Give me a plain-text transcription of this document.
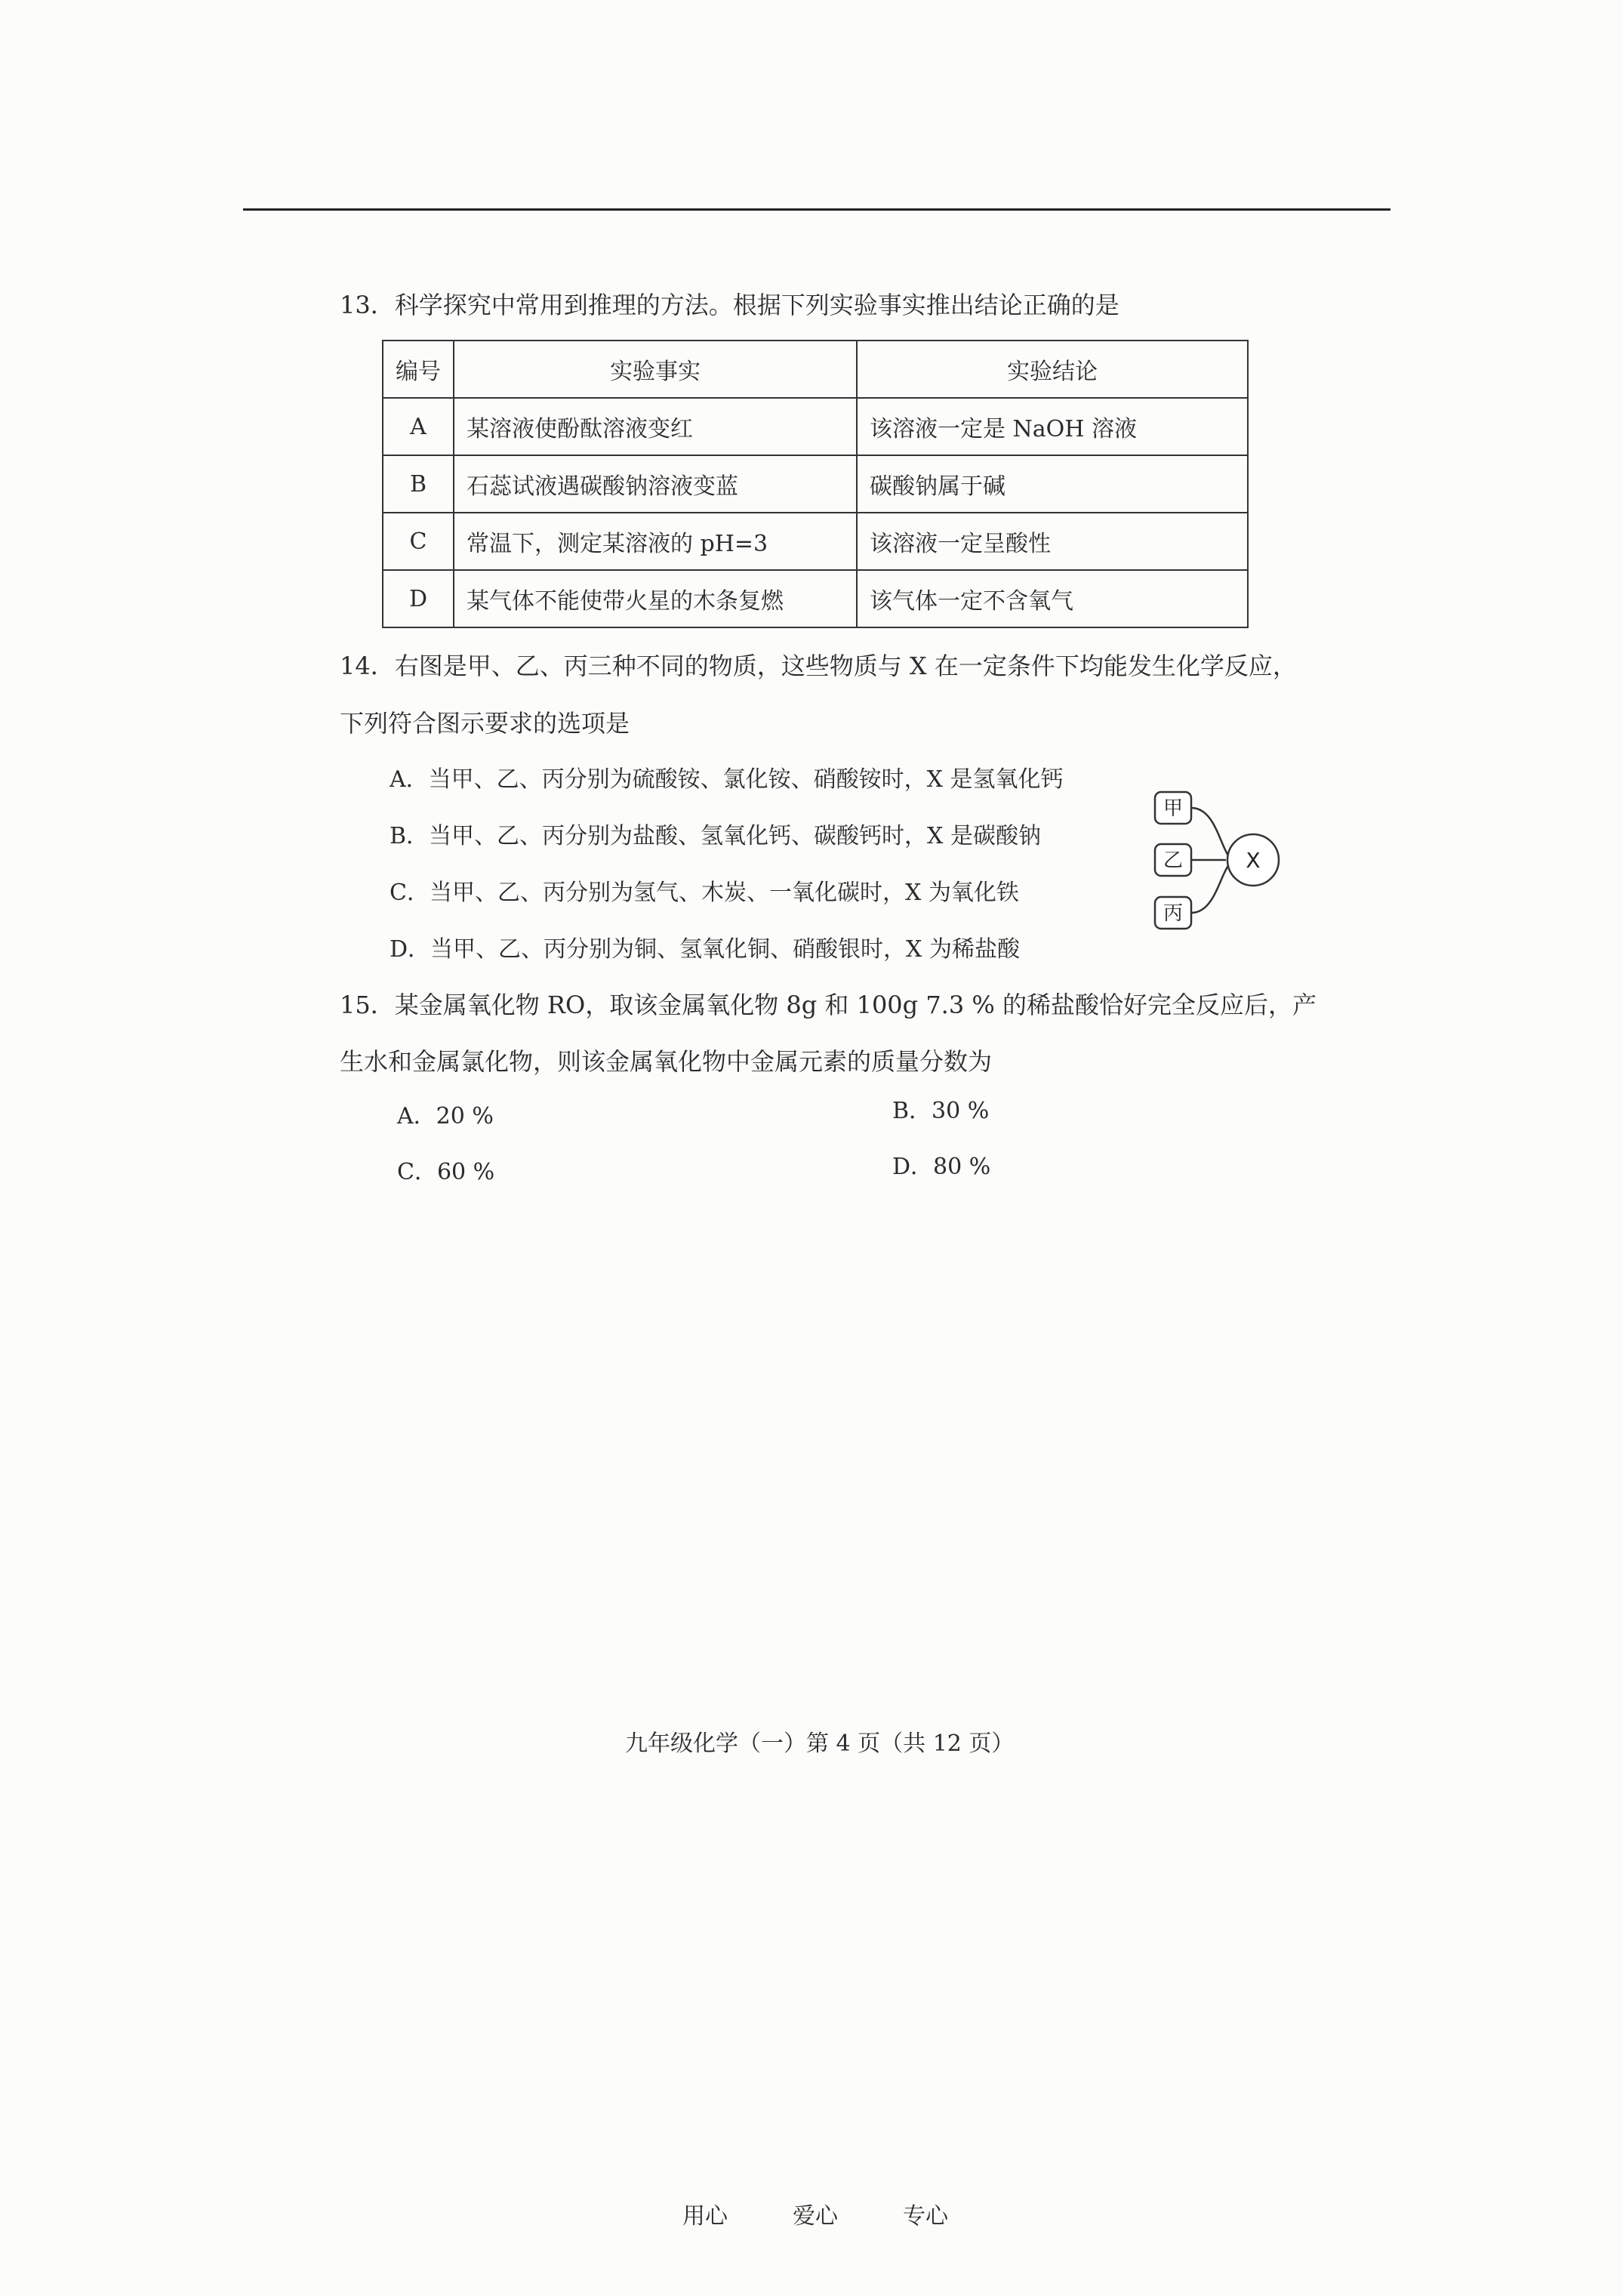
13．科学探究中常用到推理的方法。根据下列实验事实推出结论正确的是
编号	实验事实	实验结论
A	某溶液使酚酞溶液变红	该溶液一定是 NaOH 溶液
B	石蕊试液遇碳酸钠溶液变蓝	碳酸钠属于碱
C	常温下，测定某溶液的 pH=3	该溶液一定呈酸性
D	某气体不能使带火星的木条复燃	该气体一定不含氧气
14．右图是甲、乙、丙三种不同的物质，这些物质与 X 在一定条件下均能发生化学反应，
下列符合图示要求的选项是
A．当甲、乙、丙分别为硫酸铵、氯化铵、硝酸铵时，X 是氢氧化钙
B．当甲、乙、丙分别为盐酸、氢氧化钙、碳酸钙时，X 是碳酸钠
C．当甲、乙、丙分别为氢气、木炭、一氧化碳时，X 为氧化铁
D．当甲、乙、丙分别为铜、氢氧化铜、硝酸银时，X 为稀盐酸
甲
乙
丙
X
15．某金属氧化物 RO，取该金属氧化物 8g 和 100g 7.3 % 的稀盐酸恰好完全反应后，产
生水和金属氯化物，则该金属氧化物中金属元素的质量分数为
A．20 %	B．30 %
C．60 %	D．80 %
九年级化学（一）第 4 页（共 12 页）
用心	爱心	专心
